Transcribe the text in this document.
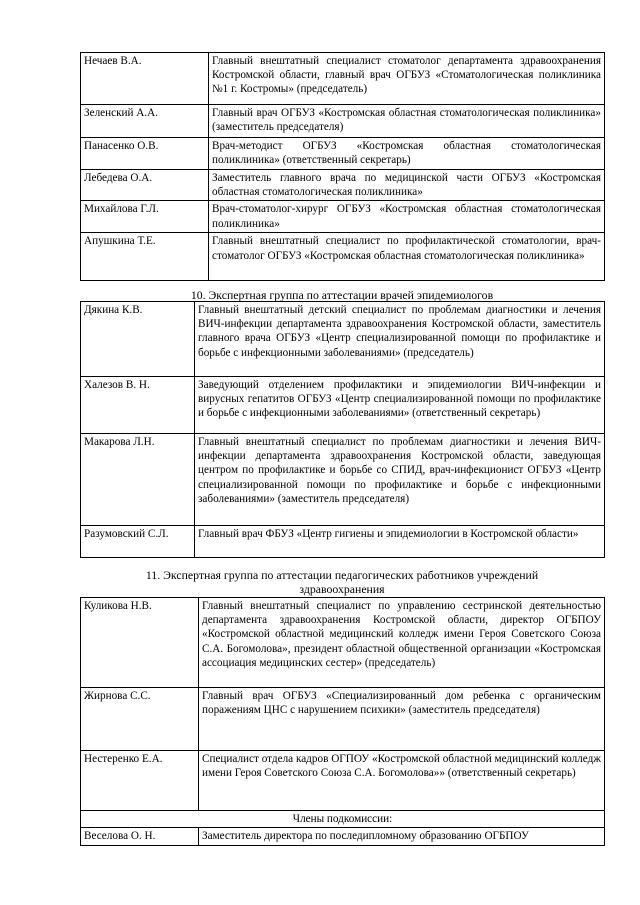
Нечаев В.А.	Главный внештатный специалист стоматолог департамента здравоохранения Костромской области, главный врач ОГБУЗ «Стоматологическая поликлиника №1 г. Костромы» (председатель)
Зеленский А.А.	Главный врач ОГБУЗ «Костромская областная стоматологическая поликлиника» (заместитель председателя)
Панасенко О.В.	Врач-методист ОГБУЗ «Костромская областная стоматологическая поликлиника» (ответственный секретарь)
Лебедева О.А.	Заместитель главного врача по медицинской части ОГБУЗ «Костромская областная стоматологическая поликлиника»
Михайлова Г.Л.	Врач-стоматолог-хирург ОГБУЗ «Костромская областная стоматологическая поликлиника»
Апушкина Т.Е.	Главный внештатный специалист по профилактической стоматологии, врач-стоматолог ОГБУЗ «Костромская областная стоматологическая поликлиника»
10. Экспертная группа по аттестации врачей эпидемиологов
Дякина К.В.	Главный внештатный детский специалист по проблемам диагностики и лечения ВИЧ-инфекции департамента здравоохранения Костромской области, заместитель главного врача ОГБУЗ «Центр специализированной помощи по профилактике и борьбе с инфекционными заболеваниями» (председатель)
Халезов В. Н.	Заведующий отделением профилактики и эпидемиологии ВИЧ-инфекции и вирусных гепатитов ОГБУЗ «Центр специализированной помощи по профилактике и борьбе с инфекционными заболеваниями» (ответственный секретарь)
Макарова Л.Н.	Главный внештатный специалист по проблемам диагностики и лечения ВИЧ-инфекции департамента здравоохранения Костромской области, заведующая центром по профилактике и борьбе со СПИД, врач-инфекционист ОГБУЗ «Центр специализированной помощи по профилактике и борьбе с инфекционными заболеваниями» (заместитель председателя)
Разумовский С.Л.	Главный врач ФБУЗ «Центр гигиены и эпидемиологии в Костромской области»
11. Экспертная группа по аттестации педагогических работников учреждений
здравоохранения
Куликова Н.В.	Главный внештатный специалист по управлению сестринской деятельностью департамента здравоохранения Костромской области, директор ОГБПОУ «Костромской областной медицинский колледж имени Героя Советского Союза С.А. Богомолова», президент областной общественной организации «Костромская ассоциация медицинских сестер» (председатель)
Жирнова С.С.	Главный врач ОГБУЗ «Специализированный дом ребенка с органическим поражениям ЦНС с нарушением психики» (заместитель председателя)
Нестеренко Е.А.	Специалист отдела кадров ОГПОУ «Костромской областной медицинский колледж имени Героя Советского Союза С.А. Богомолова»» (ответственный секретарь)
Члены подкомиссии:	
Веселова О. Н.	Заместитель директора по последипломному образованию ОГБПОУ
